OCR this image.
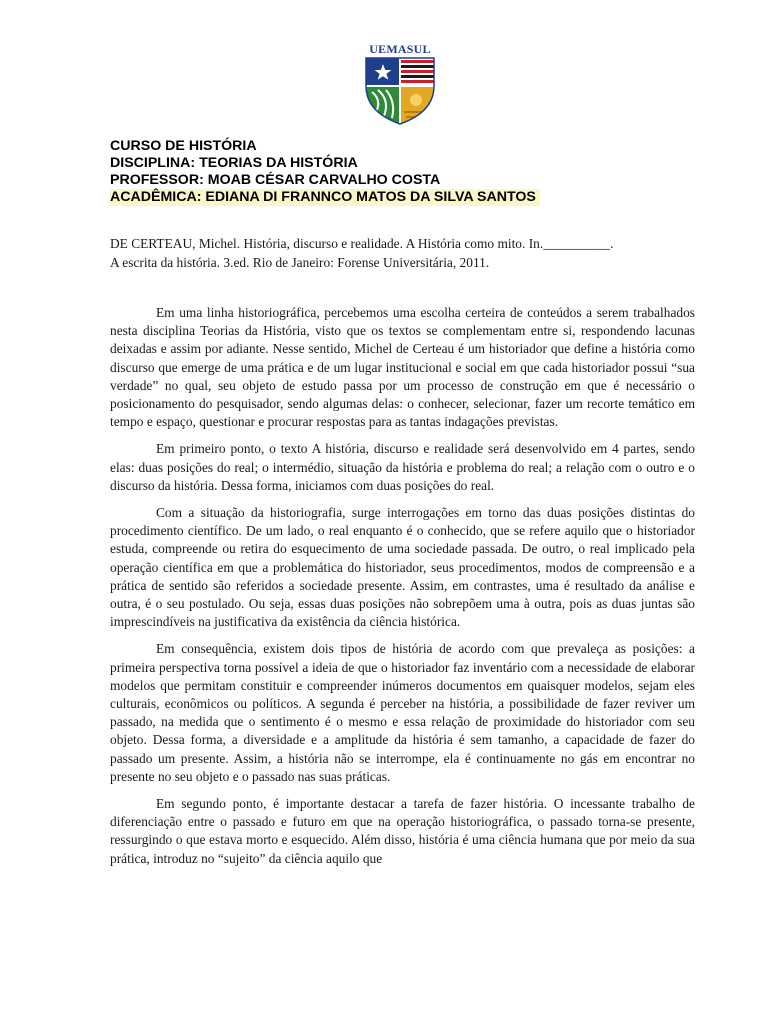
UEMASUL
CURSO DE HISTÓRIA
DISCIPLINA: TEORIAS DA HISTÓRIA
PROFESSOR: MOAB CÉSAR CARVALHO COSTA
ACADÊMICA: EDIANA DI FRANNCO MATOS DA SILVA SANTOS
DE CERTEAU, Michel. História, discurso e realidade. A História como mito. In.__________.
A escrita da história. 3.ed. Rio de Janeiro: Forense Universitária, 2011.

Em uma linha historiográfica, percebemos uma escolha certeira de conteúdos a serem trabalhados nesta disciplina Teorias da História, visto que os textos se complementam entre si, respondendo lacunas deixadas e assim por adiante. Nesse sentido, Michel de Certeau é um historiador que define a história como discurso que emerge de uma prática e de um lugar institucional e social em que cada historiador possui “sua verdade” no qual, seu objeto de estudo passa por um processo de construção em que é necessário o posicionamento do pesquisador, sendo algumas delas: o conhecer, selecionar, fazer um recorte temático em tempo e espaço, questionar e procurar respostas para as tantas indagações previstas.

Em primeiro ponto, o texto A história, discurso e realidade será desenvolvido em 4 partes, sendo elas: duas posições do real; o intermédio, situação da história e problema do real; a relação com o outro e o discurso da história. Dessa forma, iniciamos com duas posições do real.

Com a situação da historiografia, surge interrogações em torno das duas posições distintas do procedimento científico. De um lado, o real enquanto é o conhecido, que se refere aquilo que o historiador estuda, compreende ou retira do esquecimento de uma sociedade passada. De outro, o real implicado pela operação científica em que a problemática do historiador, seus procedimentos, modos de compreensão e a prática de sentido são referidos a sociedade presente. Assim, em contrastes, uma é resultado da análise e outra, é o seu postulado. Ou seja, essas duas posições não sobrepõem uma à outra, pois as duas juntas são imprescindíveis na justificativa da existência da ciência histórica.

Em consequência, existem dois tipos de história de acordo com que prevaleça as posições: a primeira perspectiva torna possível a ideia de que o historiador faz inventário com a necessidade de elaborar modelos que permitam constituir e compreender inúmeros documentos em quaisquer modelos, sejam eles culturais, econômicos ou políticos. A segunda é perceber na história, a possibilidade de fazer reviver um passado, na medida que o sentimento é o mesmo e essa relação de proximidade do historiador com seu objeto. Dessa forma, a diversidade e a amplitude da história é sem tamanho, a capacidade de fazer do passado um presente. Assim, a história não se interrompe, ela é continuamente no gás em encontrar no presente no seu objeto e o passado nas suas práticas.

Em segundo ponto, é importante destacar a tarefa de fazer história. O incessante trabalho de diferenciação entre o passado e futuro em que na operação historiográfica, o passado torna-se presente, ressurgindo o que estava morto e esquecido. Além disso, história é uma ciência humana que por meio da sua prática, introduz no “sujeito” da ciência aquilo que
